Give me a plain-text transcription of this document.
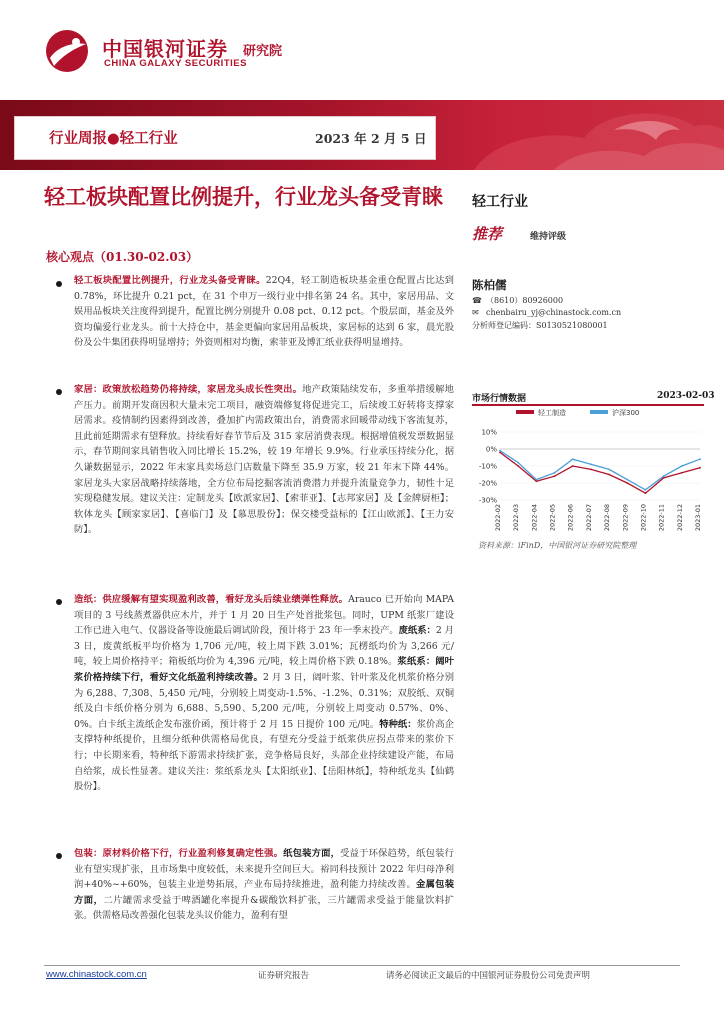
中国银河证券 研究院
CHINA GALAXY SECURITIES
行业周报●轻工行业	2023 年 2 月 5 日
轻工板块配置比例提升，行业龙头备受青睐
核心观点（01.30-02.03）
轻工行业
推荐	维持评级
陈柏儒
☎ （8610）80926000
✉ chenbairu_yj@chinastock.com.cn
分析师登记编码：S0130521080001
市场行情数据	2023-02-03
轻工制造	沪深300
10%
0%
-10%
-20%
-30%
2022-02 2022-03 2022-04 2022-05 2022-06 2022-07 2022-08 2022-09 2022-10 2022-11 2022-12 2023-01
资料来源：iFinD，中国银河证券研究院整理
轻工板块配置比例提升，行业龙头备受青睐。22Q4，轻工制造板块基金重仓配置占比达到 0.78%，环比提升 0.21 pct，在 31 个申万一级行业中排名第 24 名。其中，家居用品、文娱用品板块关注度得到提升，配置比例分别提升 0.08 pct、0.12 pct。个股层面，基金及外资均偏爱行业龙头。前十大持仓中，基金更偏向家居用品板块，家居标的达到 6 家，晨光股份及公牛集团获得明显增持；外资则相对均衡，索菲亚及博汇纸业获得明显增持。
家居：政策放松趋势仍将持续，家居龙头成长性突出。地产政策陆续发布，多重举措缓解地产压力。前期开发商因积大量未完工项目，融资端修复将促进完工，后续竣工好转将支撑家居需求。疫情制约因素得到改善，叠加扩内需政策出台，消费需求回暖带动线下客流复苏，且此前延期需求有望释放。持续看好春节节后及 315 家居消费表现。根据增值税发票数据显示，春节期间家具销售收入同比增长 15.2%，较 19 年增长 9.9%。行业承压持续分化，据久谦数据显示，2022 年末家具卖场总门店数量下降至 35.9 万家，较 21 年末下降 44%。家居龙头大家居战略持续落地，全方位布局挖掘客流消费潜力并提升流量竞争力，韧性十足实现稳健发展。建议关注：定制龙头【欧派家居】、【索菲亚】、【志邦家居】及【金牌厨柜】；软体龙头【顾家家居】、【喜临门】及【慕思股份】；保交楼受益标的【江山欧派】、【王力安防】。
造纸：供应缓解有望实现盈利改善，看好龙头后续业绩弹性释放。Arauco 已开始向 MAPA 项目的 3 号线蒸煮器供应木片，并于 1 月 20 日生产处首批浆包。同时，UPM 纸浆厂建设工作已进入电气、仪器设备等设施最后调试阶段，预计将于 23 年一季末投产。废纸系：2 月 3 日，废黄纸板平均价格为 1,706 元/吨，较上周下跌 3.01%；瓦楞纸均价为 3,266 元/吨，较上周价格持平；箱板纸均价为 4,396 元/吨，较上周价格下跌 0.18%。浆纸系：阔叶浆价格持续下行，看好文化纸盈利持续改善。2 月 3 日，阔叶浆、针叶浆及化机浆价格分别为 6,288、7,308、5,450 元/吨，分别较上周变动-1.5%、-1.2%、0.31%；双胶纸、双铜纸及白卡纸价格分别为 6,688、5,590、5,200 元/吨，分别较上周变动 0.57%、0%、0%。白卡纸主流纸企发布涨价函，预计将于 2 月 15 日提价 100 元/吨。特种纸：浆价高企支撑特种纸提价，且细分纸种供需格局优良，有望充分受益于纸浆供应拐点带来的浆价下行；中长期来看，特种纸下游需求持续扩张，竞争格局良好，头部企业持续建设产能，布局自给浆，成长性显著。建议关注：浆纸系龙头【太阳纸业】、【岳阳林纸】，特种纸龙头【仙鹤股份】。
包装：原材料价格下行，行业盈利修复确定性强。纸包装方面，受益于环保趋势，纸包装行业有望实现扩张，且市场集中度较低，未来提升空间巨大。裕同科技预计 2022 年归母净利润+40%~+60%，包装主业逆势拓展，产业布局持续推进，盈利能力持续改善。金属包装方面，二片罐需求受益于啤酒罐化率提升&碳酸饮料扩张，三片罐需求受益于能量饮料扩张。供需格局改善强化包装龙头议价能力，盈利有望
www.chinastock.com.cn	证券研究报告	请务必阅读正文最后的中国银河证券股份公司免责声明
